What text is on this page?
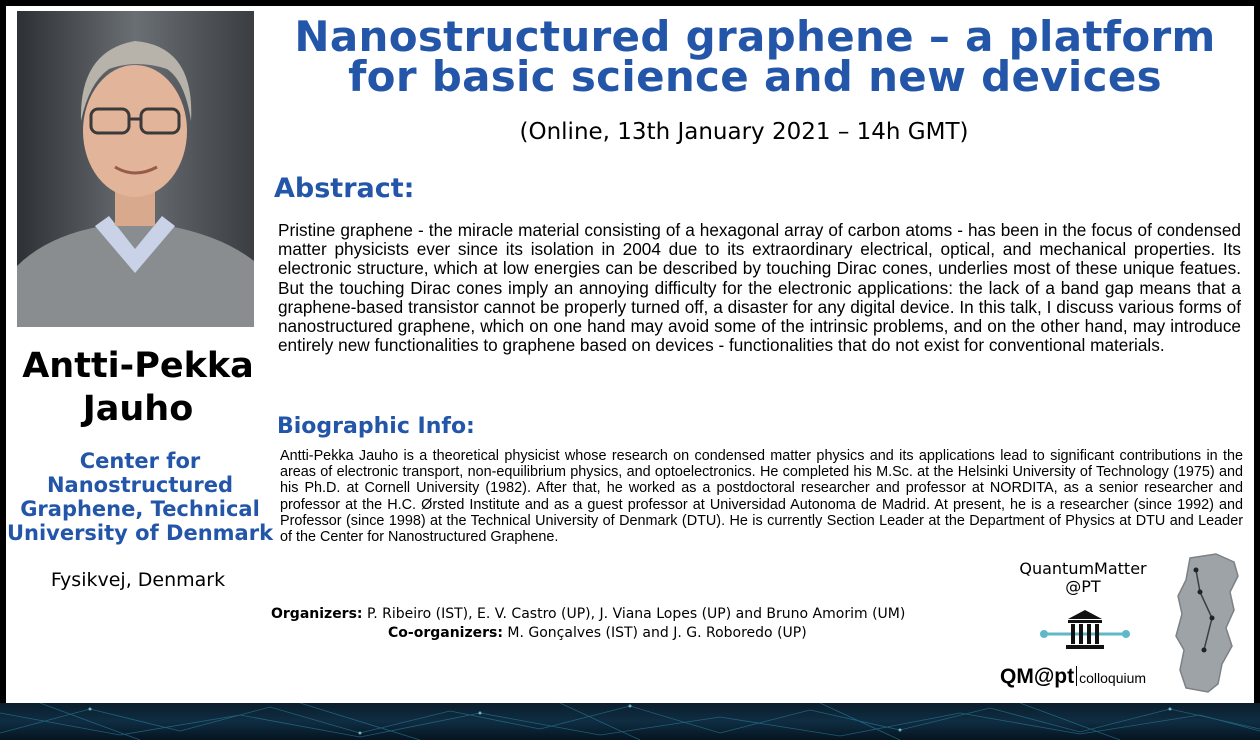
Antti-Pekka Jauho
Center for Nanostructured Graphene, Technical University of Denmark
Fysikvej, Denmark
Nanostructured graphene – a platform for basic science and new devices
(Online, 13th January 2021 – 14h GMT)
Abstract:
Pristine graphene - the miracle material consisting of a hexagonal array of carbon atoms - has been in the focus of condensed matter physicists ever since its isolation in 2004 due to its extraordinary electrical, optical, and mechanical properties. Its electronic structure, which at low energies can be described by touching Dirac cones, underlies most of these unique featues. But the touching Dirac cones imply an annoying difficulty for the electronic applications: the lack of a band gap means that a graphene-based transistor cannot be properly turned off, a disaster for any digital device. In this talk, I discuss various forms of nanostructured graphene, which on one hand may avoid some of the intrinsic problems, and on the other hand, may introduce entirely new functionalities to graphene based on devices - functionalities that do not exist for conventional materials.
Biographic Info:
Antti-Pekka Jauho is a theoretical physicist whose research on condensed matter physics and its applications lead to significant contributions in the areas of electronic transport, non-equilibrium physics, and optoelectronics. He completed his M.Sc. at the Helsinki University of Technology (1975) and his Ph.D. at Cornell University (1982). After that, he worked as a postdoctoral researcher and professor at NORDITA, as a senior researcher and professor at the H.C. Ørsted Institute and as a guest professor at Universidad Autonoma de Madrid. At present, he is a researcher (since 1992) and Professor (since 1998) at the Technical University of Denmark (DTU). He is currently Section Leader at the Department of Physics at DTU and Leader of the Center for Nanostructured Graphene.
Organizers: P. Ribeiro (IST), E. V. Castro (UP), J. Viana Lopes (UP) and Bruno Amorim (UM)
Co-organizers: M. Gonçalves (IST) and J. G. Roboredo (UP)
QuantumMatter
@PT
QM@pt colloquium
